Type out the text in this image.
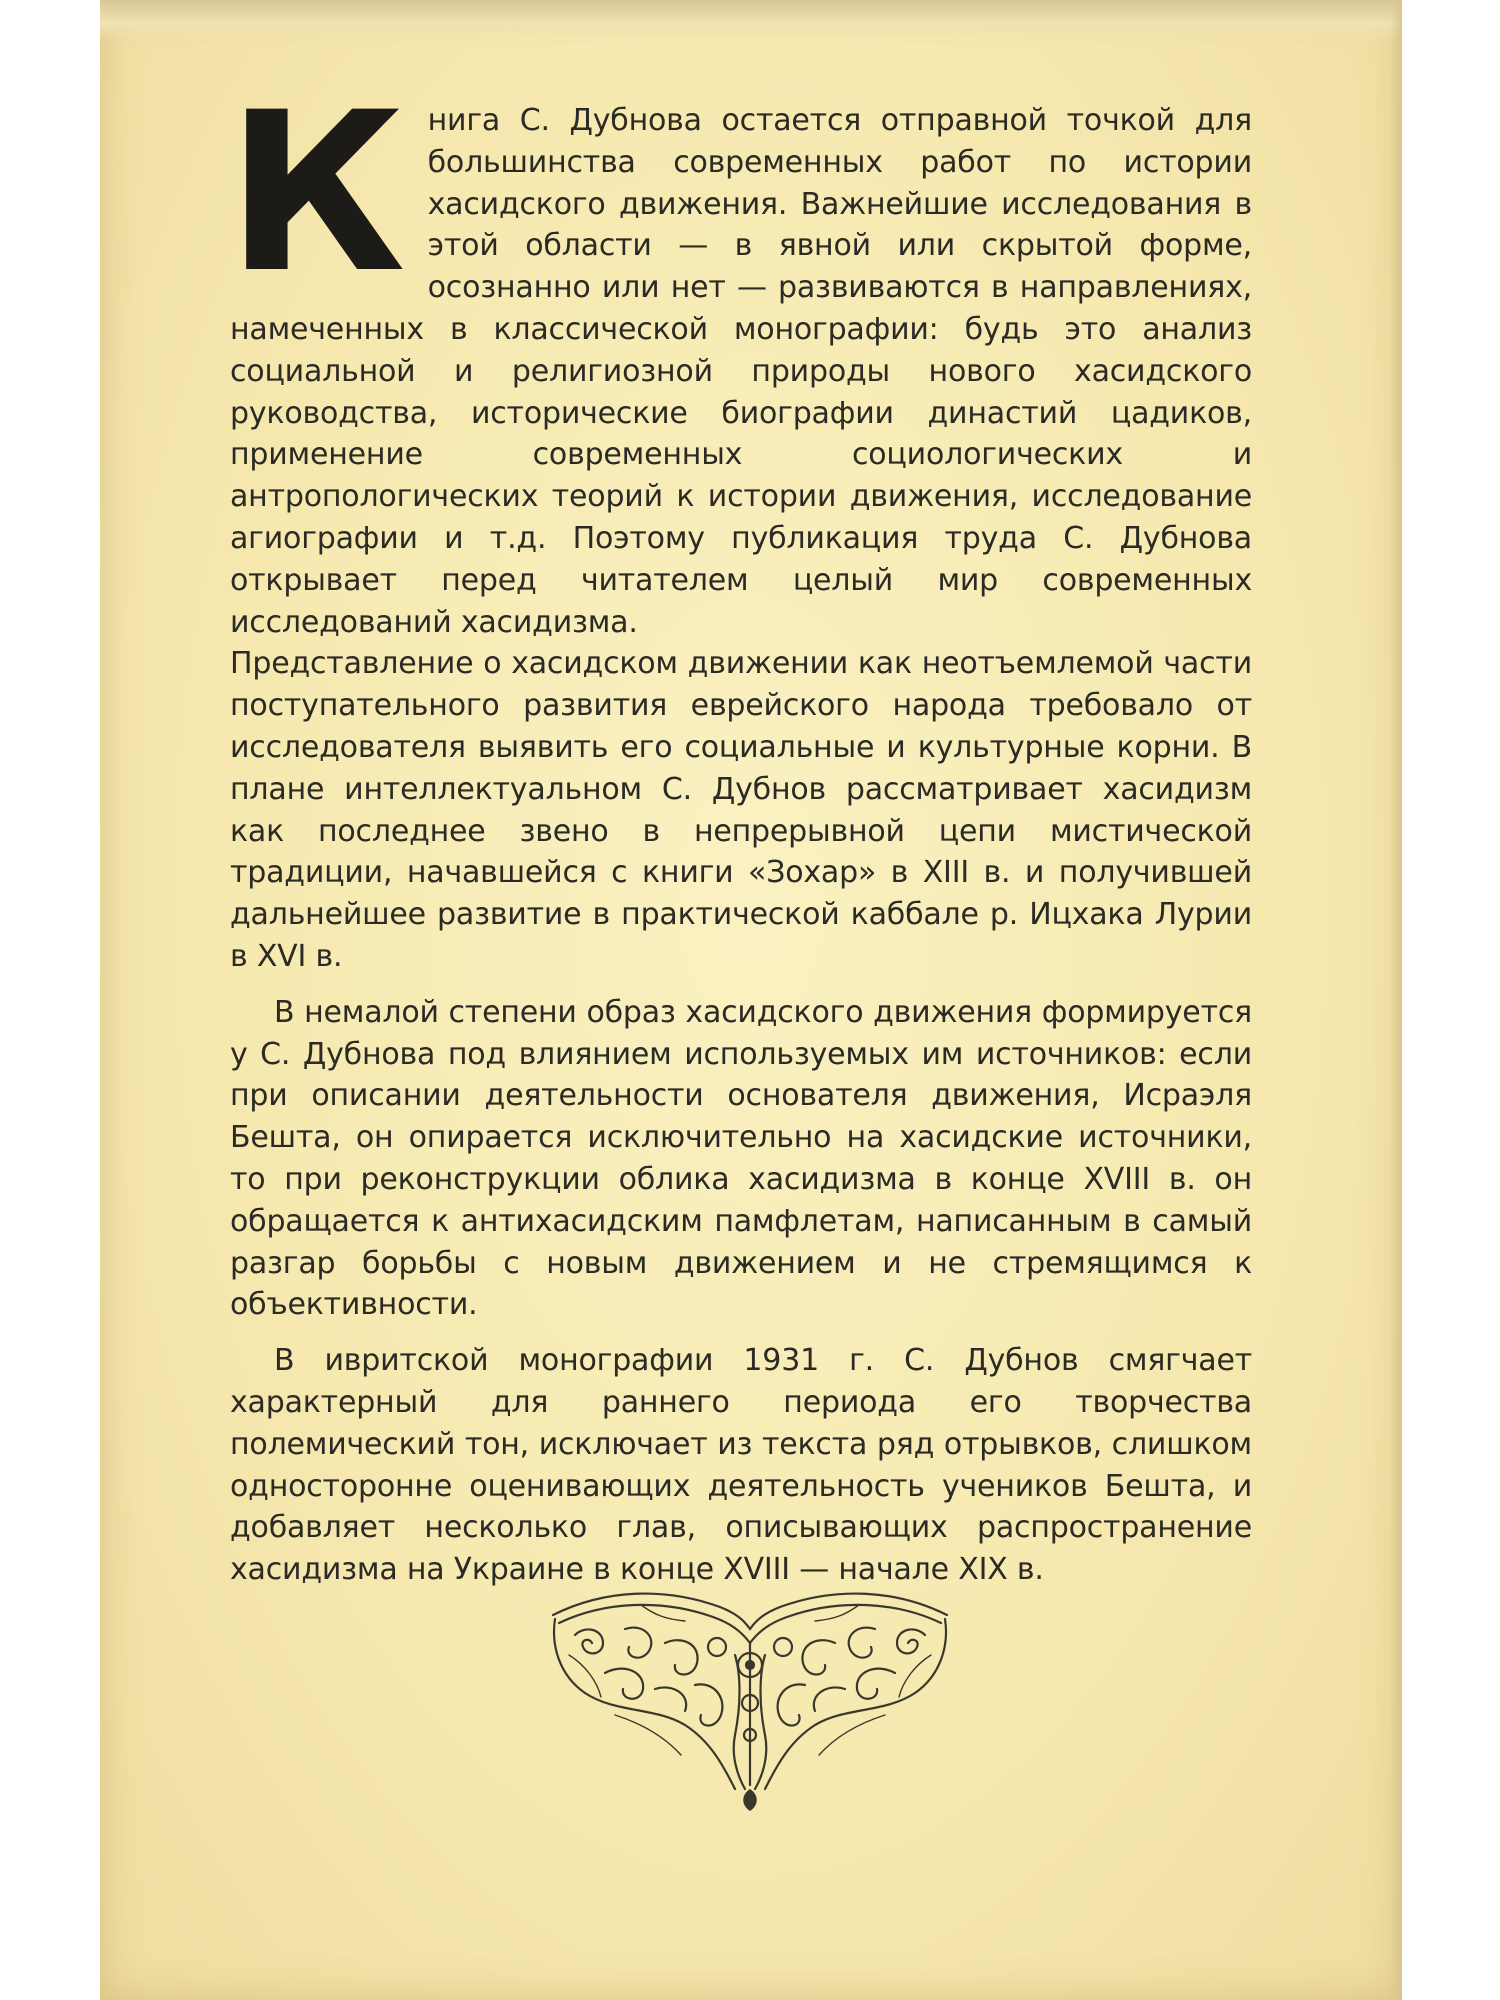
Книга С. Дубнова остается отправной точкой для большинства современных работ по истории хасидского движения. Важнейшие исследования в этой области — в явной или скрытой форме, осознанно или нет — развиваются в направлениях, намеченных в классической монографии: будь это анализ социальной и религиозной природы нового хасидского руководства, исторические биографии династий цадиков, применение современных социологических и антропологических теорий к истории движения, исследование агиографии и т.д. Поэтому публикация труда С. Дубнова открывает перед читателем целый мир современных исследований хасидизма.

Представление о хасидском движении как неотъемлемой части поступательного развития еврейского народа требовало от исследователя выявить его социальные и культурные корни. В плане интеллектуальном С. Дубнов рассматривает хасидизм как последнее звено в непрерывной цепи мистической традиции, начавшейся с книги «Зохар» в XIII в. и получившей дальнейшее развитие в практической каббале р. Ицхака Лурии в XVI в.

В немалой степени образ хасидского движения формируется у С. Дубнова под влиянием используемых им источников: если при описании деятельности основателя движения, Исраэля Бешта, он опирается исключительно на хасидские источники, то при реконструкции облика хасидизма в конце XVIII в. он обращается к антихасидским памфлетам, написанным в самый разгар борьбы с новым движением и не стремящимся к объективности.

В ивритской монографии 1931 г. С. Дубнов смягчает характерный для раннего периода его творчества полемический тон, исключает из текста ряд отрывков, слишком односторонне оценивающих деятельность учеников Бешта, и добавляет несколько глав, описывающих распространение хасидизма на Украине в конце XVIII — начале XIX в.
